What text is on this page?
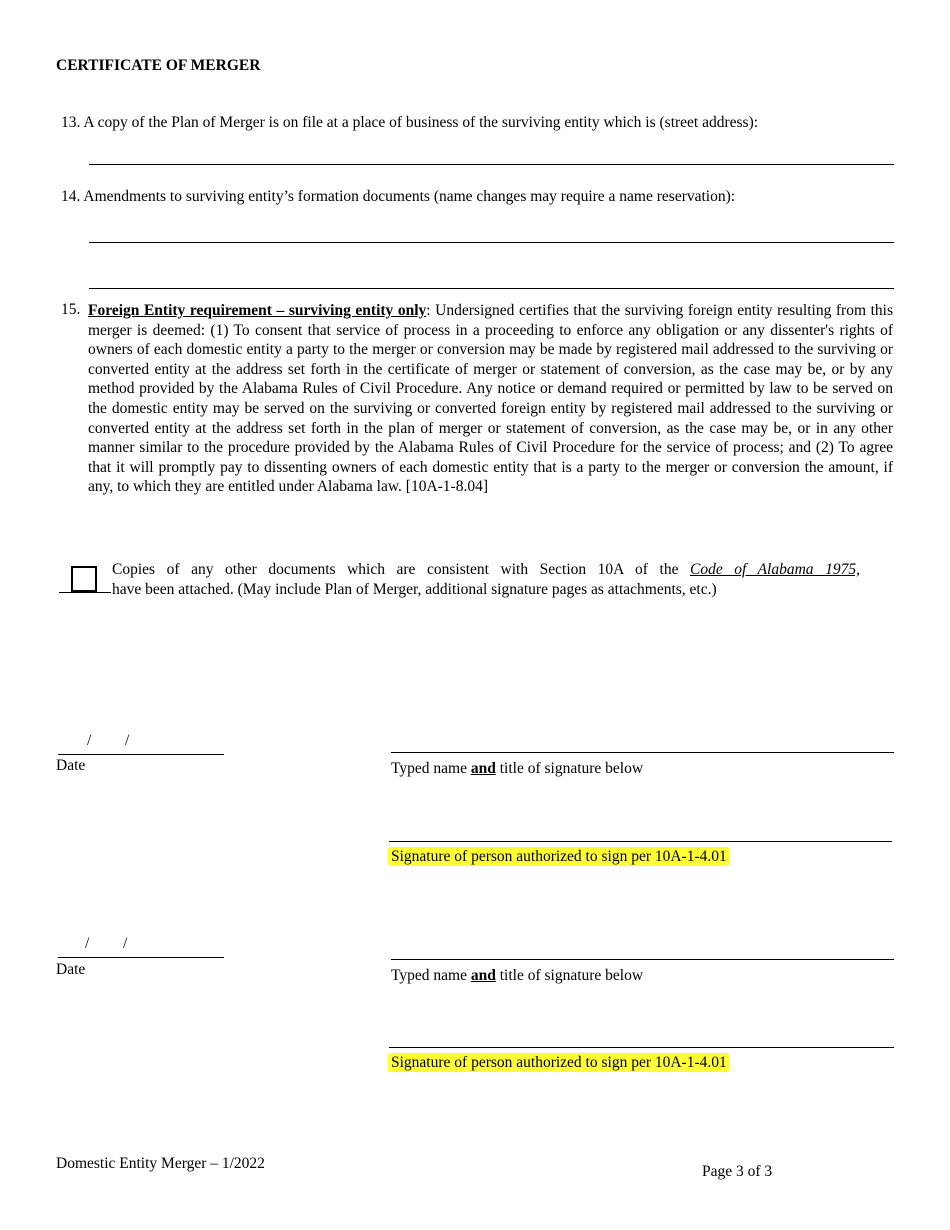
CERTIFICATE OF MERGER
13. A copy of the Plan of Merger is on file at a place of business of the surviving entity which is (street address):
14. Amendments to surviving entity’s formation documents (name changes may require a name reservation):
15. Foreign Entity requirement – surviving entity only: Undersigned certifies that the surviving foreign entity resulting from this merger is deemed: (1) To consent that service of process in a proceeding to enforce any obligation or any dissenter's rights of owners of each domestic entity a party to the merger or conversion may be made by registered mail addressed to the surviving or converted entity at the address set forth in the certificate of merger or statement of conversion, as the case may be, or by any method provided by the Alabama Rules of Civil Procedure. Any notice or demand required or permitted by law to be served on the domestic entity may be served on the surviving or converted foreign entity by registered mail addressed to the surviving or converted entity at the address set forth in the plan of merger or statement of conversion, as the case may be, or in any other manner similar to the procedure provided by the Alabama Rules of Civil Procedure for the service of process; and (2) To agree that it will promptly pay to dissenting owners of each domestic entity that is a party to the merger or conversion the amount, if any, to which they are entitled under Alabama law. [10A-1-8.04]
Copies of any other documents which are consistent with Section 10A of the Code of Alabama 1975,
have been attached. (May include Plan of Merger, additional signature pages as attachments, etc.)
/ /
Date	Typed name and title of signature below
Signature of person authorized to sign per 10A-1-4.01
/ /
Date	Typed name and title of signature below
Signature of person authorized to sign per 10A-1-4.01
Domestic Entity Merger – 1/2022	Page 3 of 3
